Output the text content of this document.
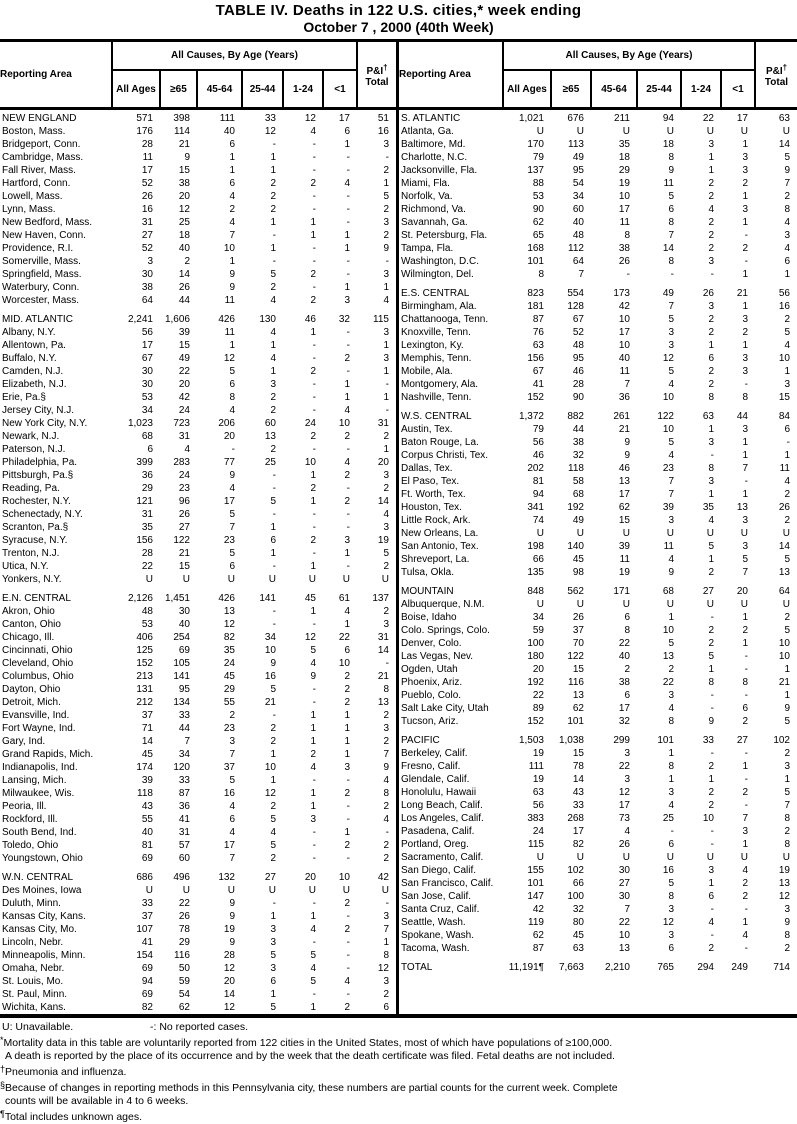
TABLE IV. Deaths in 122 U.S. cities,* week ending
October 7 , 2000 (40th Week)
Reporting Area	All Causes, By Age (Years)						P&I†
Total
	All Ages	≥65	45-64	25-44	1-24	<1	
NEW ENGLAND	571	398	111	33	12	17	51
Boston, Mass.	176	114	40	12	4	6	16
Bridgeport, Conn.	28	21	6	-	-	1	3
Cambridge, Mass.	11	9	1	1	-	-	-
Fall River, Mass.	17	15	1	1	-	-	2
Hartford, Conn.	52	38	6	2	2	4	1
Lowell, Mass.	26	20	4	2	-	-	5
Lynn, Mass.	16	12	2	2	-	-	2
New Bedford, Mass.	31	25	4	1	1	-	3
New Haven, Conn.	27	18	7	-	1	1	2
Providence, R.I.	52	40	10	1	-	1	9
Somerville, Mass.	3	2	1	-	-	-	-
Springfield, Mass.	30	14	9	5	2	-	3
Waterbury, Conn.	38	26	9	2	-	1	1
Worcester, Mass.	64	44	11	4	2	3	4

MID. ATLANTIC	2,241	1,606	426	130	46	32	115
Albany, N.Y.	56	39	11	4	1	-	3
Allentown, Pa.	17	15	1	1	-	-	1
Buffalo, N.Y.	67	49	12	4	-	2	3
Camden, N.J.	30	22	5	1	2	-	1
Elizabeth, N.J.	30	20	6	3	-	1	-
Erie, Pa.§	53	42	8	2	-	1	1
Jersey City, N.J.	34	24	4	2	-	4	-
New York City, N.Y.	1,023	723	206	60	24	10	31
Newark, N.J.	68	31	20	13	2	2	2
Paterson, N.J.	6	4	-	2	-	-	1
Philadelphia, Pa.	399	283	77	25	10	4	20
Pittsburgh, Pa.§	36	24	9	-	1	2	3
Reading, Pa.	29	23	4	-	2	-	2
Rochester, N.Y.	121	96	17	5	1	2	14
Schenectady, N.Y.	31	26	5	-	-	-	4
Scranton, Pa.§	35	27	7	1	-	-	3
Syracuse, N.Y.	156	122	23	6	2	3	19
Trenton, N.J.	28	21	5	1	-	1	5
Utica, N.Y.	22	15	6	-	1	-	2
Yonkers, N.Y.	U	U	U	U	U	U	U

E.N. CENTRAL	2,126	1,451	426	141	45	61	137
Akron, Ohio	48	30	13	-	1	4	2
Canton, Ohio	53	40	12	-	-	1	3
Chicago, Ill.	406	254	82	34	12	22	31
Cincinnati, Ohio	125	69	35	10	5	6	14
Cleveland, Ohio	152	105	24	9	4	10	-
Columbus, Ohio	213	141	45	16	9	2	21
Dayton, Ohio	131	95	29	5	-	2	8
Detroit, Mich.	212	134	55	21	-	2	13
Evansville, Ind.	37	33	2	-	1	1	2
Fort Wayne, Ind.	71	44	23	2	1	1	3
Gary, Ind.	14	7	3	2	1	1	2
Grand Rapids, Mich.	45	34	7	1	2	1	7
Indianapolis, Ind.	174	120	37	10	4	3	9
Lansing, Mich.	39	33	5	1	-	-	4
Milwaukee, Wis.	118	87	16	12	1	2	8
Peoria, Ill.	43	36	4	2	1	-	2
Rockford, Ill.	55	41	6	5	3	-	4
South Bend, Ind.	40	31	4	4	-	1	-
Toledo, Ohio	81	57	17	5	-	2	2
Youngstown, Ohio	69	60	7	2	-	-	2

W.N. CENTRAL	686	496	132	27	20	10	42
Des Moines, Iowa	U	U	U	U	U	U	U
Duluth, Minn.	33	22	9	-	-	2	-
Kansas City, Kans.	37	26	9	1	1	-	3
Kansas City, Mo.	107	78	19	3	4	2	7
Lincoln, Nebr.	41	29	9	3	-	-	1
Minneapolis, Minn.	154	116	28	5	5	-	8
Omaha, Nebr.	69	50	12	3	4	-	12
St. Louis, Mo.	94	59	20	6	5	4	3
St. Paul, Minn.	69	54	14	1	-	-	2
Wichita, Kans.	82	62	12	5	1	2	6
Reporting Area	All Causes, By Age (Years)						P&I†
Total
	All Ages	≥65	45-64	25-44	1-24	<1	
S. ATLANTIC	1,021	676	211	94	22	17	63
Atlanta, Ga.	U	U	U	U	U	U	U
Baltimore, Md.	170	113	35	18	3	1	14
Charlotte, N.C.	79	49	18	8	1	3	5
Jacksonville, Fla.	137	95	29	9	1	3	9
Miami, Fla.	88	54	19	11	2	2	7
Norfolk, Va.	53	34	10	5	2	1	2
Richmond, Va.	90	60	17	6	4	3	8
Savannah, Ga.	62	40	11	8	2	1	4
St. Petersburg, Fla.	65	48	8	7	2	-	3
Tampa, Fla.	168	112	38	14	2	2	4
Washington, D.C.	101	64	26	8	3	-	6
Wilmington, Del.	8	7	-	-	-	1	1

E.S. CENTRAL	823	554	173	49	26	21	56
Birmingham, Ala.	181	128	42	7	3	1	16
Chattanooga, Tenn.	87	67	10	5	2	3	2
Knoxville, Tenn.	76	52	17	3	2	2	5
Lexington, Ky.	63	48	10	3	1	1	4
Memphis, Tenn.	156	95	40	12	6	3	10
Mobile, Ala.	67	46	11	5	2	3	1
Montgomery, Ala.	41	28	7	4	2	-	3
Nashville, Tenn.	152	90	36	10	8	8	15

W.S. CENTRAL	1,372	882	261	122	63	44	84
Austin, Tex.	79	44	21	10	1	3	6
Baton Rouge, La.	56	38	9	5	3	1	-
Corpus Christi, Tex.	46	32	9	4	-	1	1
Dallas, Tex.	202	118	46	23	8	7	11
El Paso, Tex.	81	58	13	7	3	-	4
Ft. Worth, Tex.	94	68	17	7	1	1	2
Houston, Tex.	341	192	62	39	35	13	26
Little Rock, Ark.	74	49	15	3	4	3	2
New Orleans, La.	U	U	U	U	U	U	U
San Antonio, Tex.	198	140	39	11	5	3	14
Shreveport, La.	66	45	11	4	1	5	5
Tulsa, Okla.	135	98	19	9	2	7	13

MOUNTAIN	848	562	171	68	27	20	64
Albuquerque, N.M.	U	U	U	U	U	U	U
Boise, Idaho	34	26	6	1	-	1	2
Colo. Springs, Colo.	59	37	8	10	2	2	5
Denver, Colo.	100	70	22	5	2	1	10
Las Vegas, Nev.	180	122	40	13	5	-	10
Ogden, Utah	20	15	2	2	1	-	1
Phoenix, Ariz.	192	116	38	22	8	8	21
Pueblo, Colo.	22	13	6	3	-	-	1
Salt Lake City, Utah	89	62	17	4	-	6	9
Tucson, Ariz.	152	101	32	8	9	2	5

PACIFIC	1,503	1,038	299	101	33	27	102
Berkeley, Calif.	19	15	3	1	-	-	2
Fresno, Calif.	111	78	22	8	2	1	3
Glendale, Calif.	19	14	3	1	1	-	1
Honolulu, Hawaii	63	43	12	3	2	2	5
Long Beach, Calif.	56	33	17	4	2	-	7
Los Angeles, Calif.	383	268	73	25	10	7	8
Pasadena, Calif.	24	17	4	-	-	3	2
Portland, Oreg.	115	82	26	6	-	1	8
Sacramento, Calif.	U	U	U	U	U	U	U
San Diego, Calif.	155	102	30	16	3	4	19
San Francisco, Calif.	101	66	27	5	1	2	13
San Jose, Calif.	147	100	30	8	6	2	12
Santa Cruz, Calif.	42	32	7	3	-	-	3
Seattle, Wash.	119	80	22	12	4	1	9
Spokane, Wash.	62	45	10	3	-	4	8
Tacoma, Wash.	87	63	13	6	2	-	2

TOTAL	11,191¶	7,663	2,210	765	294	249	714
U: Unavailable.	-: No reported cases.
*Mortality data in this table are voluntarily reported from 122 cities in the United States, most of which have populations of ≥100,000.
A death is reported by the place of its occurrence and by the week that the death certificate was filed. Fetal deaths are not included.
†Pneumonia and influenza.
§Because of changes in reporting methods in this Pennsylvania city, these numbers are partial counts for the current week. Complete
counts will be available in 4 to 6 weeks.
¶Total includes unknown ages.
